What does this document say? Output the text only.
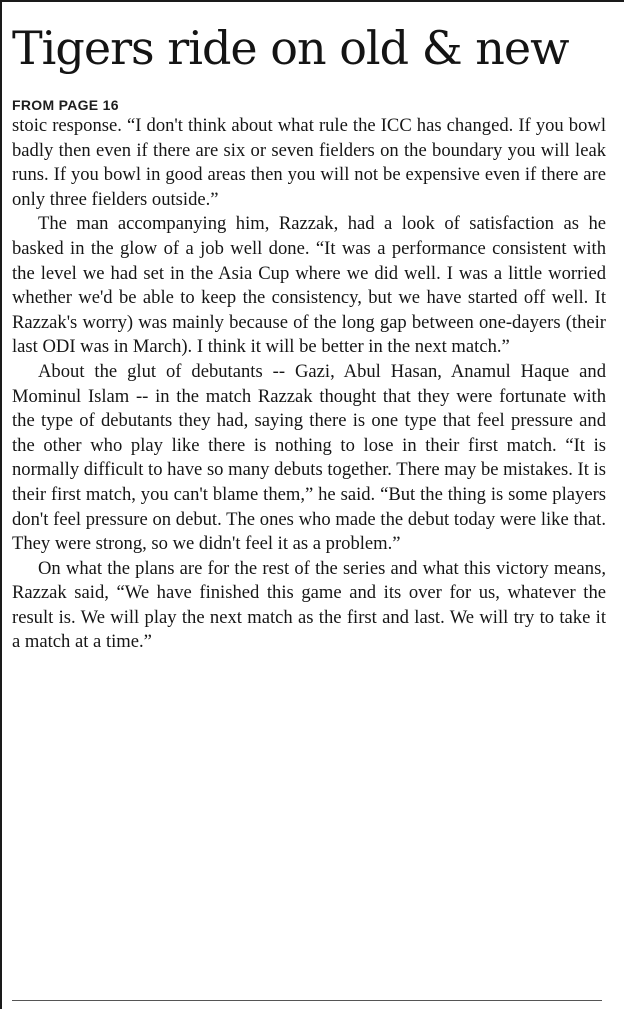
Tigers ride on old & new
FROM PAGE 16

stoic response. “I don't think about what rule the ICC has changed. If you bowl badly then even if there are six or seven fielders on the boundary you will leak runs. If you bowl in good areas then you will not be expensive even if there are only three fielders outside.”

The man accompanying him, Razzak, had a look of satisfaction as he basked in the glow of a job well done. “It was a performance consistent with the level we had set in the Asia Cup where we did well. I was a little worried whether we'd be able to keep the consistency, but we have started off well. It Razzak's worry) was mainly because of the long gap between one-dayers (their last ODI was in March). I think it will be better in the next match.”

About the glut of debutants -- Gazi, Abul Hasan, Anamul Haque and Mominul Islam -- in the match Razzak thought that they were fortunate with the type of debutants they had, saying there is one type that feel pressure and the other who play like there is nothing to lose in their first match. “It is normally difficult to have so many debuts together. There may be mistakes. It is their first match, you can't blame them,” he said. “But the thing is some players don't feel pressure on debut. The ones who made the debut today were like that. They were strong, so we didn't feel it as a problem.”

On what the plans are for the rest of the series and what this victory means, Razzak said, “We have finished this game and its over for us, whatever the result is. We will play the next match as the first and last. We will try to take it a match at a time.”
